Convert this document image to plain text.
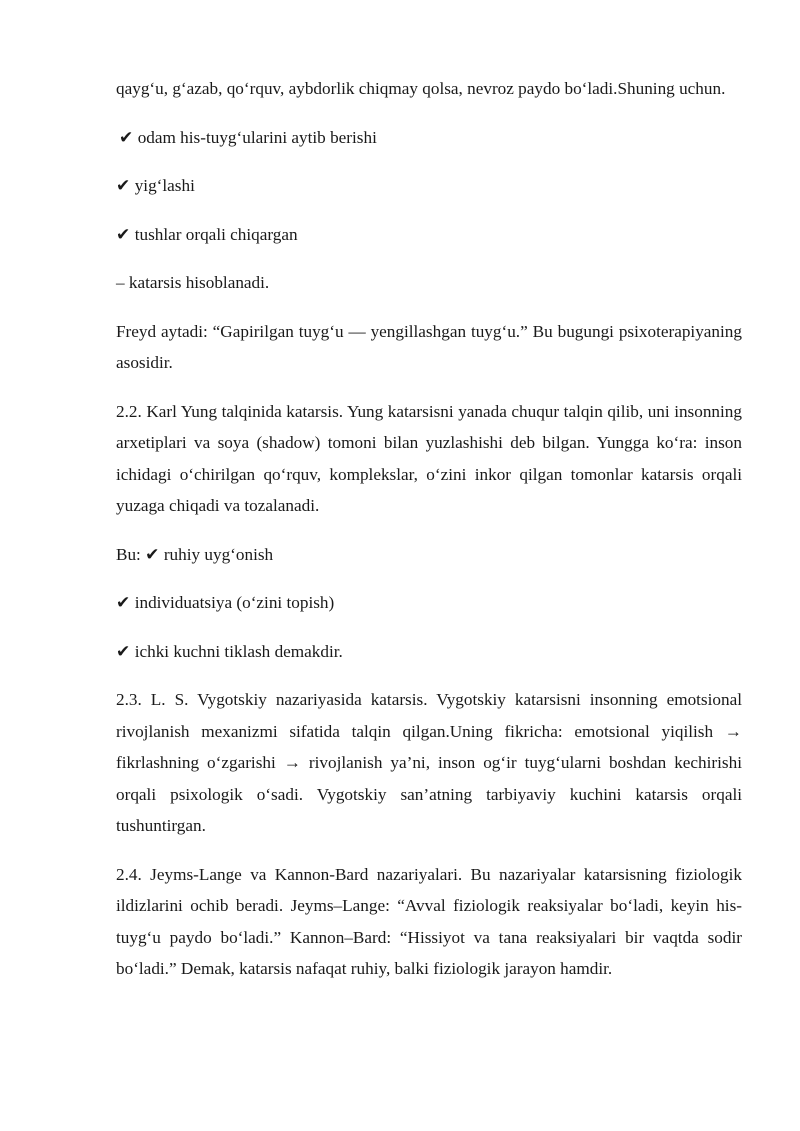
qayg‘u, g‘azab, qo‘rquv, aybdorlik chiqmay qolsa, nevroz paydo bo‘ladi.Shuning uchun.

✔ odam his-tuyg‘ularini aytib berishi

✔ yig‘lashi

✔ tushlar orqali chiqargan

– katarsis hisoblanadi.

Freyd aytadi: “Gapirilgan tuyg‘u — yengillashgan tuyg‘u.” Bu bugungi psixoterapiyaning asosidir.

2.2. Karl Yung talqinida katarsis. Yung katarsisni yanada chuqur talqin qilib, uni insonning arxetiplari va soya (shadow) tomoni bilan yuzlashishi deb bilgan. Yungga ko‘ra: inson ichidagi o‘chirilgan qo‘rquv, komplekslar, o‘zini inkor qilgan tomonlar katarsis orqali yuzaga chiqadi va tozalanadi.

Bu: ✔ ruhiy uyg‘onish

✔ individuatsiya (o‘zini topish)

✔ ichki kuchni tiklash demakdir.

2.3. L. S. Vygotskiy nazariyasida katarsis. Vygotskiy katarsisni insonning emotsional rivojlanish mexanizmi sifatida talqin qilgan.Uning fikricha: emotsional yiqilish → fikrlashning o‘zgarishi → rivojlanish ya’ni, inson og‘ir tuyg‘ularni boshdan kechirishi orqali psixologik o‘sadi. Vygotskiy san’atning tarbiyaviy kuchini katarsis orqali tushuntirgan.

2.4. Jeyms-Lange va Kannon-Bard nazariyalari. Bu nazariyalar katarsisning fiziologik ildizlarini ochib beradi. Jeyms–Lange: “Avval fiziologik reaksiyalar bo‘ladi, keyin his-tuyg‘u paydo bo‘ladi.” Kannon–Bard: “Hissiyot va tana reaksiyalari bir vaqtda sodir bo‘ladi.” Demak, katarsis nafaqat ruhiy, balki fiziologik jarayon hamdir.
